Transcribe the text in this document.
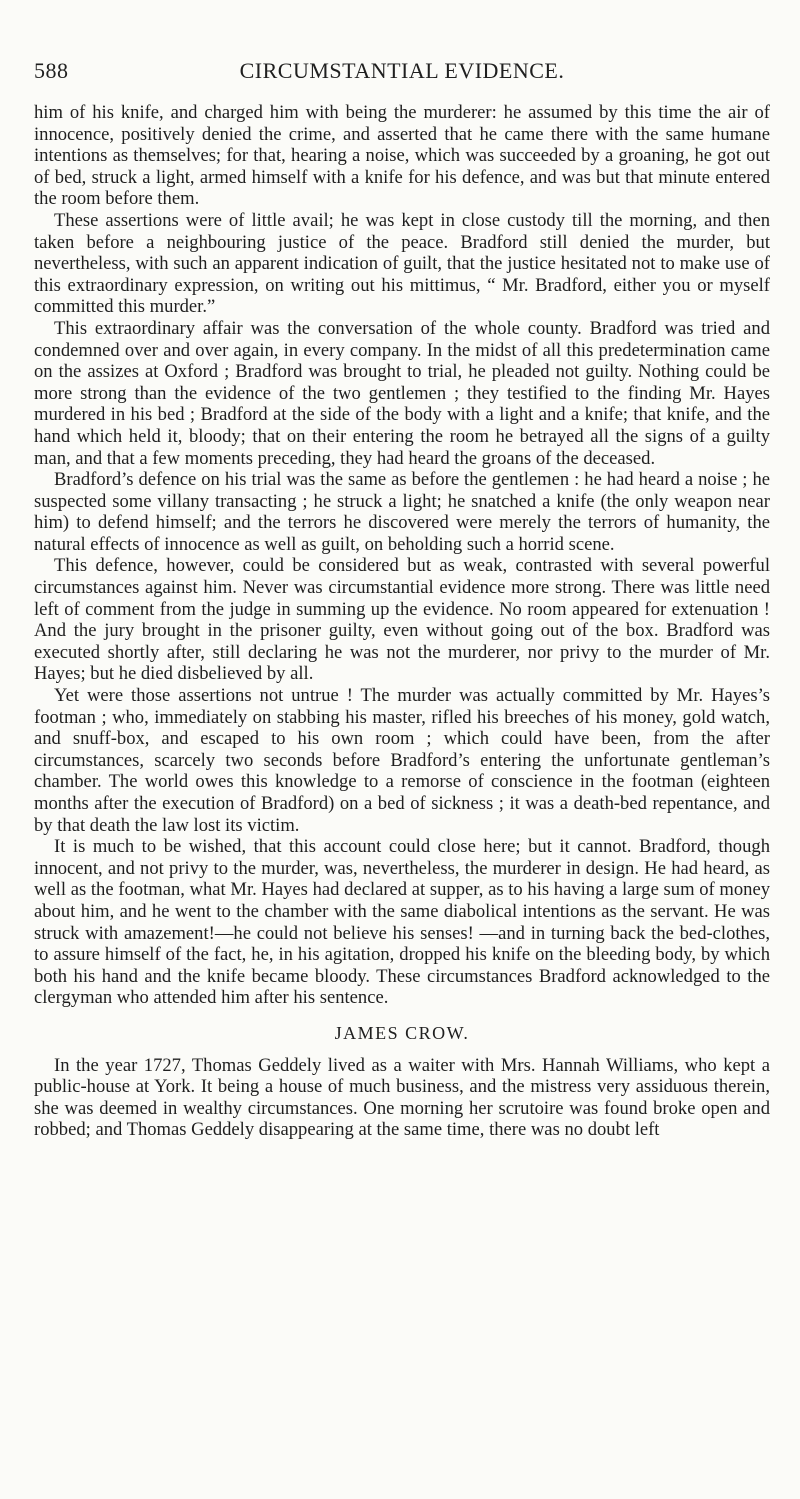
588	CIRCUMSTANTIAL EVIDENCE.

him of his knife, and charged him with being the murderer: he assumed by this time the air of innocence, positively denied the crime, and asserted that he came there with the same humane intentions as themselves; for that, hearing a noise, which was succeeded by a groaning, he got out of bed, struck a light, armed himself with a knife for his defence, and was but that minute entered the room before them.

These assertions were of little avail; he was kept in close custody till the morning, and then taken before a neighbouring justice of the peace. Bradford still denied the murder, but nevertheless, with such an apparent indication of guilt, that the justice hesitated not to make use of this extraordinary expression, on writing out his mittimus, “ Mr. Bradford, either you or myself committed this murder.”

This extraordinary affair was the conversation of the whole county. Bradford was tried and condemned over and over again, in every company. In the midst of all this predetermination came on the assizes at Oxford ; Bradford was brought to trial, he pleaded not guilty. Nothing could be more strong than the evidence of the two gentlemen ; they testified to the finding Mr. Hayes murdered in his bed ; Bradford at the side of the body with a light and a knife; that knife, and the hand which held it, bloody; that on their entering the room he betrayed all the signs of a guilty man, and that a few moments preceding, they had heard the groans of the deceased.

Bradford’s defence on his trial was the same as before the gentlemen : he had heard a noise ; he suspected some villany transacting ; he struck a light; he snatched a knife (the only weapon near him) to defend himself; and the terrors he discovered were merely the terrors of humanity, the natural effects of innocence as well as guilt, on beholding such a horrid scene.

This defence, however, could be considered but as weak, contrasted with several powerful circumstances against him. Never was circumstantial evidence more strong. There was little need left of comment from the judge in summing up the evidence. No room appeared for extenuation ! And the jury brought in the prisoner guilty, even without going out of the box. Bradford was executed shortly after, still declaring he was not the murderer, nor privy to the murder of Mr. Hayes; but he died disbelieved by all.

Yet were those assertions not untrue ! The murder was actually committed by Mr. Hayes’s footman ; who, immediately on stabbing his master, rifled his breeches of his money, gold watch, and snuff-box, and escaped to his own room ; which could have been, from the after circumstances, scarcely two seconds before Bradford’s entering the unfortunate gentleman’s chamber. The world owes this knowledge to a remorse of conscience in the footman (eighteen months after the execution of Bradford) on a bed of sickness ; it was a death-bed repentance, and by that death the law lost its victim.

It is much to be wished, that this account could close here; but it cannot. Bradford, though innocent, and not privy to the murder, was, nevertheless, the murderer in design. He had heard, as well as the footman, what Mr. Hayes had declared at supper, as to his having a large sum of money about him, and he went to the chamber with the same diabolical intentions as the servant. He was struck with amazement!—he could not believe his senses! —and in turning back the bed-clothes, to assure himself of the fact, he, in his agitation, dropped his knife on the bleeding body, by which both his hand and the knife became bloody. These circumstances Bradford acknowledged to the clergyman who attended him after his sentence.

JAMES CROW.

In the year 1727, Thomas Geddely lived as a waiter with Mrs. Hannah Williams, who kept a public-house at York. It being a house of much business, and the mistress very assiduous therein, she was deemed in wealthy circumstances. One morning her scrutoire was found broke open and robbed; and Thomas Geddely disappearing at the same time, there was no doubt left
